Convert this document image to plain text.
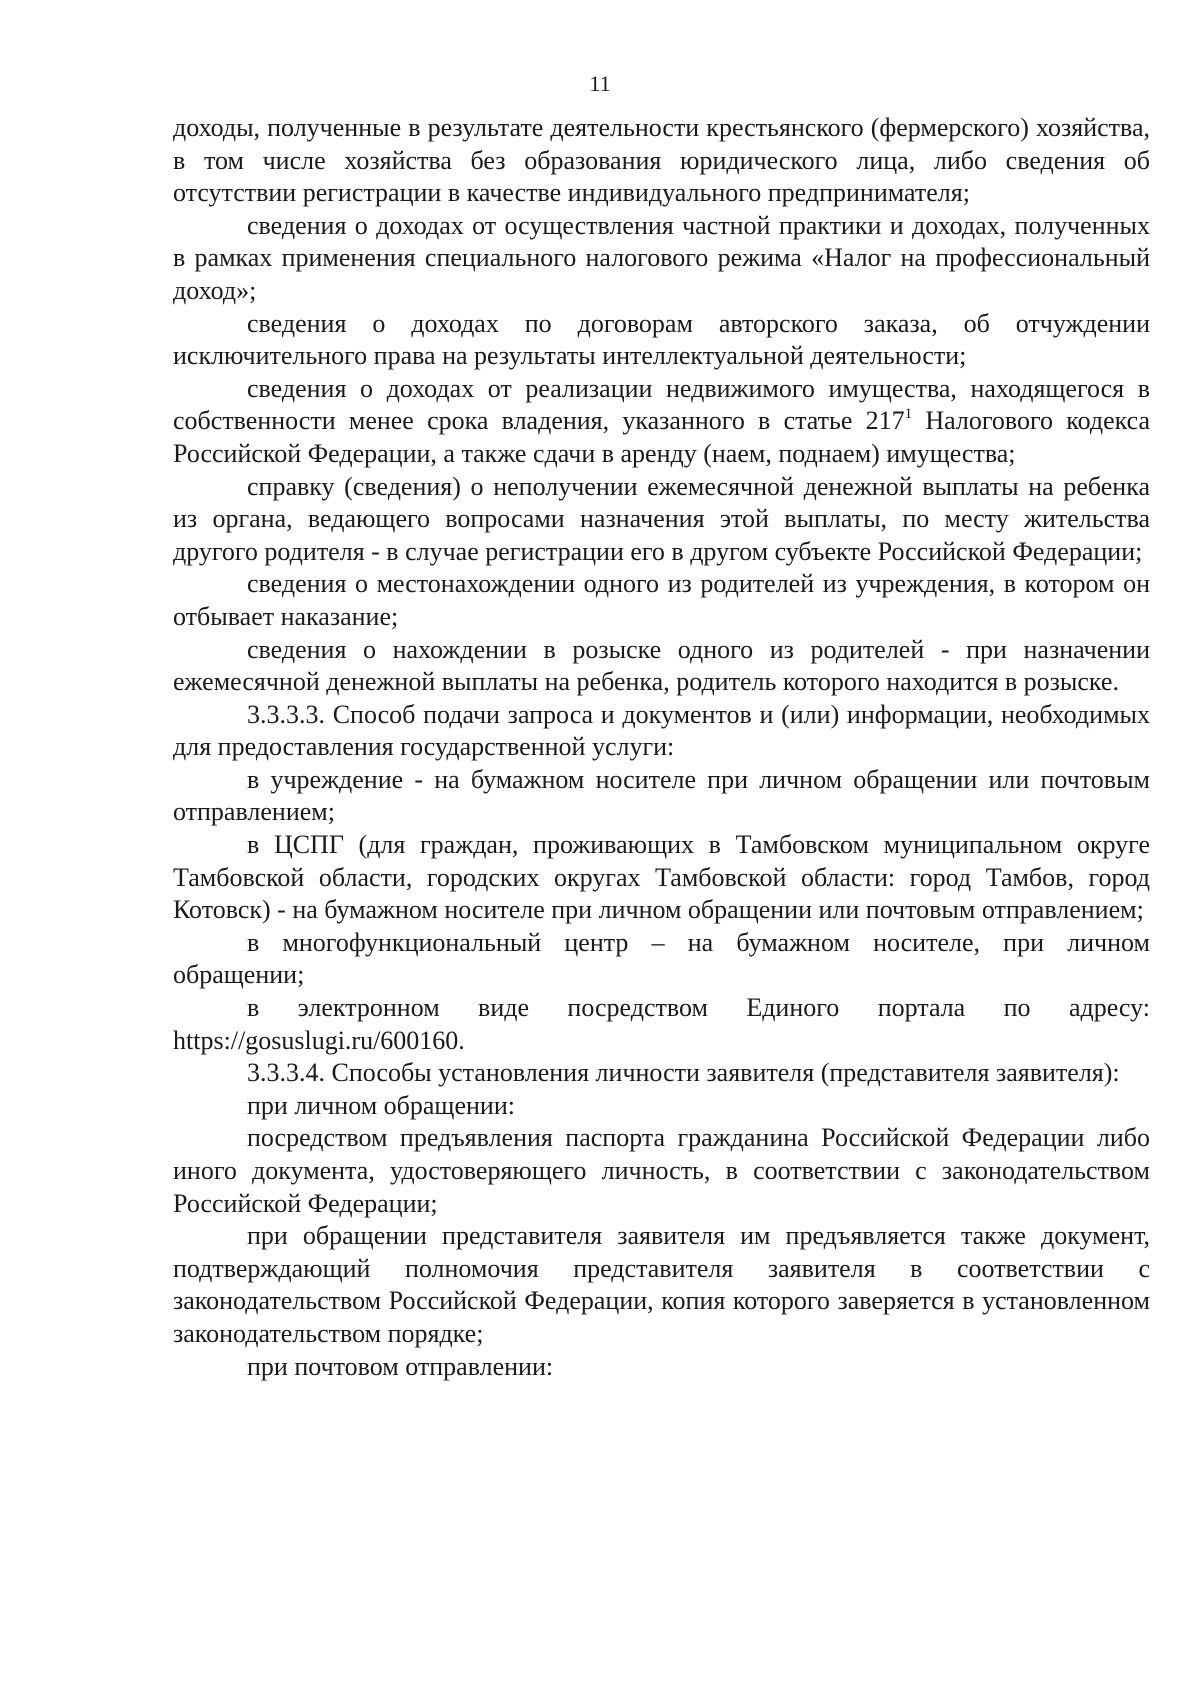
11

доходы, полученные в результате деятельности крестьянского (фермерского) хозяйства, в том числе хозяйства без образования юридического лица, либо сведения об отсутствии регистрации в качестве индивидуального предпринимателя;

сведения о доходах от осуществления частной практики и доходах, полученных в рамках применения специального налогового режима «Налог на профессиональный доход»;

сведения о доходах по договорам авторского заказа, об отчуждении исключительного права на результаты интеллектуальной деятельности;

сведения о доходах от реализации недвижимого имущества, находящегося в собственности менее срока владения, указанного в статье $217^1$ Налогового кодекса Российской Федерации, а также сдачи в аренду (наем, поднаем) имущества;

справку (сведения) о неполучении ежемесячной денежной выплаты на ребенка из органа, ведающего вопросами назначения этой выплаты, по месту жительства другого родителя - в случае регистрации его в другом субъекте Российской Федерации;

сведения о местонахождении одного из родителей из учреждения, в котором он отбывает наказание;

сведения о нахождении в розыске одного из родителей - при назначении ежемесячной денежной выплаты на ребенка, родитель которого находится в розыске.

3.3.3.3. Способ подачи запроса и документов и (или) информации, необходимых для предоставления государственной услуги:

в учреждение - на бумажном носителе при личном обращении или почтовым отправлением;

в ЦСПГ (для граждан, проживающих в Тамбовском муниципальном округе Тамбовской области, городских округах Тамбовской области: город Тамбов, город Котовск) - на бумажном носителе при личном обращении или почтовым отправлением;

в многофункциональный центр – на бумажном носителе, при личном обращении;

в электронном виде посредством Единого портала по адресу: https://gosuslugi.ru/600160.

3.3.3.4. Способы установления личности заявителя (представителя заявителя):

при личном обращении:

посредством предъявления паспорта гражданина Российской Федерации либо иного документа, удостоверяющего личность, в соответствии с законодательством Российской Федерации;

при обращении представителя заявителя им предъявляется также документ, подтверждающий полномочия представителя заявителя в соответствии с законодательством Российской Федерации, копия которого заверяется в установленном законодательством порядке;

при почтовом отправлении:
